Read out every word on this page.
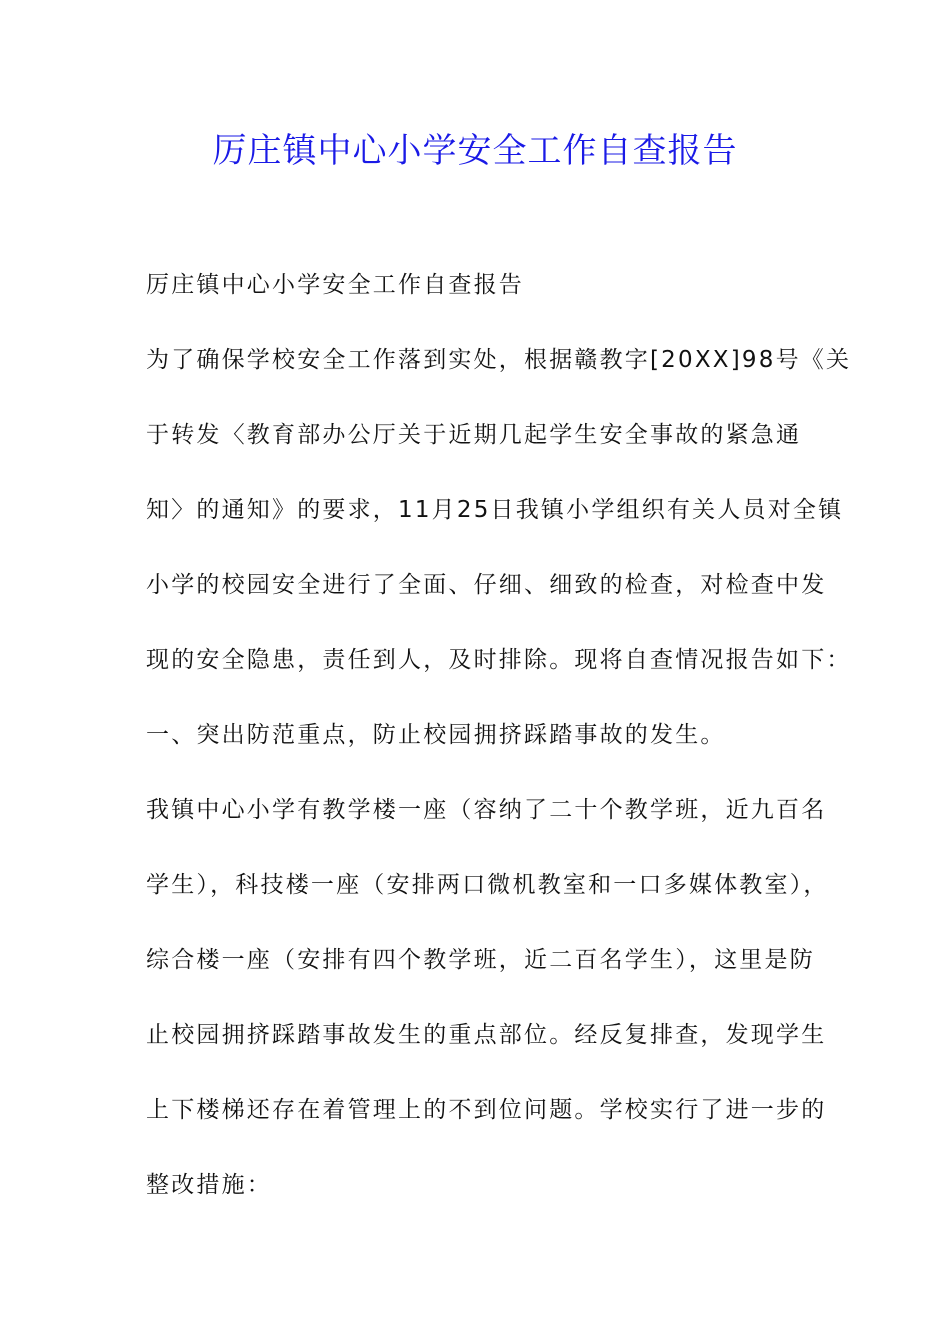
厉庄镇中心小学安全工作自查报告
厉庄镇中心小学安全工作自查报告
为了确保学校安全工作落到实处，根据赣教字[20XX]98号《关
于转发〈教育部办公厅关于近期几起学生安全事故的紧急通
知〉的通知》的要求，11月25日我镇小学组织有关人员对全镇
小学的校园安全进行了全面、仔细、细致的检查，对检查中发
现的安全隐患，责任到人，及时排除。现将自查情况报告如下：
一、突出防范重点，防止校园拥挤踩踏事故的发生。
我镇中心小学有教学楼一座（容纳了二十个教学班，近九百名
学生），科技楼一座（安排两口微机教室和一口多媒体教室），
综合楼一座（安排有四个教学班，近二百名学生），这里是防
止校园拥挤踩踏事故发生的重点部位。经反复排查，发现学生
上下楼梯还存在着管理上的不到位问题。学校实行了进一步的
整改措施：
